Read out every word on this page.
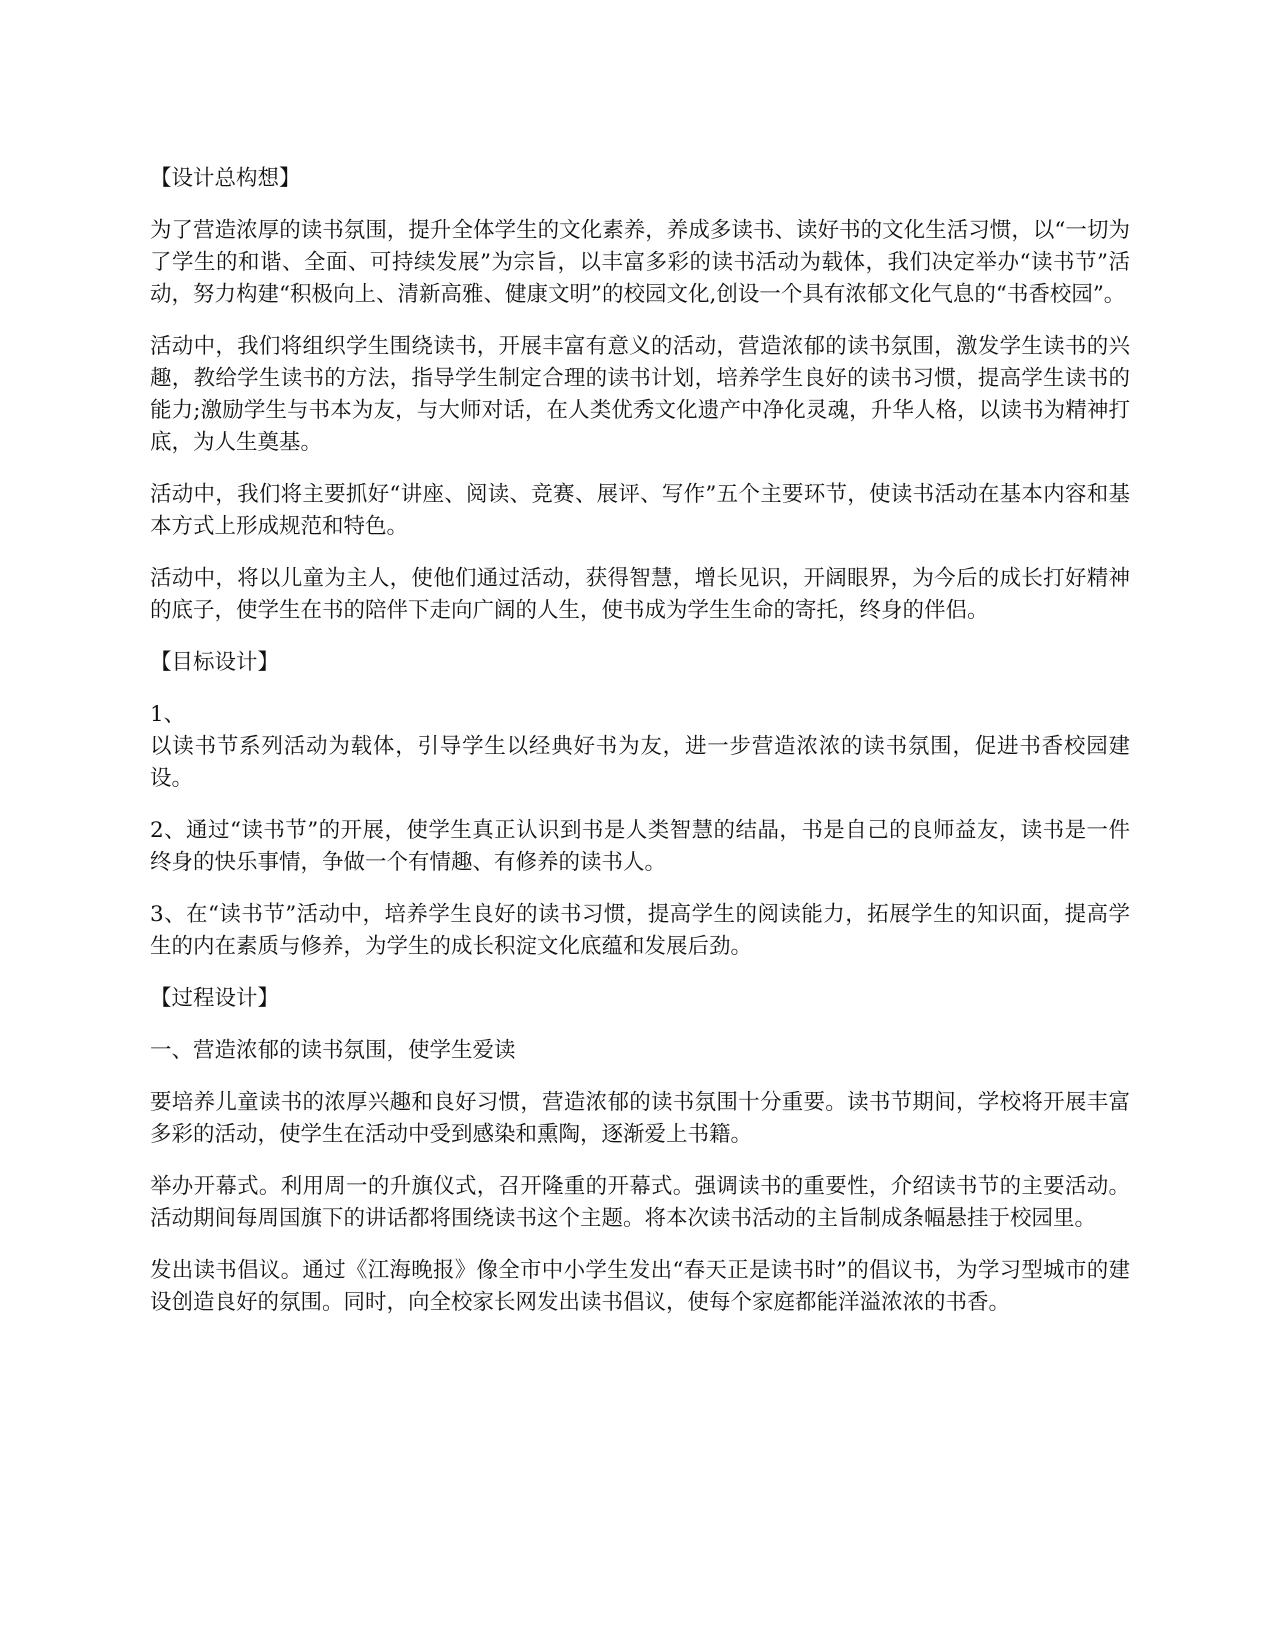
【设计总构想】

为了营造浓厚的读书氛围，提升全体学生的文化素养，养成多读书、读好书的文化生活习惯，以“一切为了学生的和谐、全面、可持续发展”为宗旨，以丰富多彩的读书活动为载体，我们决定举办“读书节”活动，努力构建“积极向上、清新高雅、健康文明”的校园文化,创设一个具有浓郁文化气息的“书香校园”。

活动中，我们将组织学生围绕读书，开展丰富有意义的活动，营造浓郁的读书氛围，激发学生读书的兴趣，教给学生读书的方法，指导学生制定合理的读书计划，培养学生良好的读书习惯，提高学生读书的能力;激励学生与书本为友，与大师对话，在人类优秀文化遗产中净化灵魂，升华人格，以读书为精神打底，为人生奠基。

活动中，我们将主要抓好“讲座、阅读、竞赛、展评、写作”五个主要环节，使读书活动在基本内容和基本方式上形成规范和特色。

活动中，将以儿童为主人，使他们通过活动，获得智慧，增长见识，开阔眼界，为今后的成长打好精神的底子，使学生在书的陪伴下走向广阔的人生，使书成为学生生命的寄托，终身的伴侣。

【目标设计】

1、

以读书节系列活动为载体，引导学生以经典好书为友，进一步营造浓浓的读书氛围，促进书香校园建设。

2、通过“读书节”的开展，使学生真正认识到书是人类智慧的结晶，书是自己的良师益友，读书是一件终身的快乐事情，争做一个有情趣、有修养的读书人。

3、在“读书节”活动中，培养学生良好的读书习惯，提高学生的阅读能力，拓展学生的知识面，提高学生的内在素质与修养，为学生的成长积淀文化底蕴和发展后劲。

【过程设计】

一、营造浓郁的读书氛围，使学生爱读

要培养儿童读书的浓厚兴趣和良好习惯，营造浓郁的读书氛围十分重要。读书节期间，学校将开展丰富多彩的活动，使学生在活动中受到感染和熏陶，逐渐爱上书籍。

举办开幕式。利用周一的升旗仪式，召开隆重的开幕式。强调读书的重要性，介绍读书节的主要活动。活动期间每周国旗下的讲话都将围绕读书这个主题。将本次读书活动的主旨制成条幅悬挂于校园里。

发出读书倡议。通过《江海晚报》像全市中小学生发出“春天正是读书时”的倡议书，为学习型城市的建设创造良好的氛围。同时，向全校家长网发出读书倡议，使每个家庭都能洋溢浓浓的书香。
